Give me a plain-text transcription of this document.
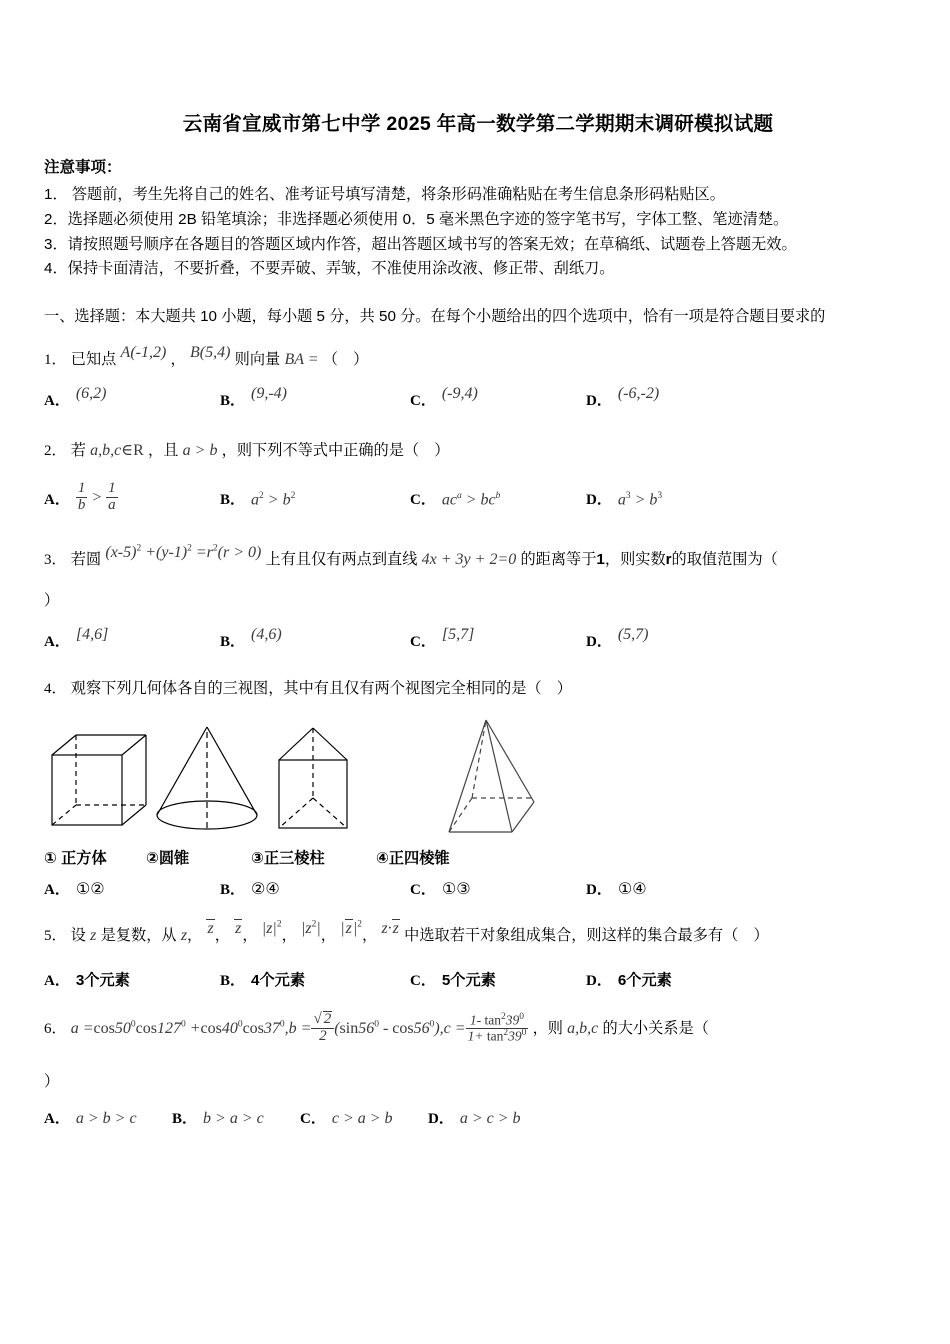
云南省宣威市第七中学 2025 年高一数学第二学期期末调研模拟试题
注意事项：
1． 答题前，考生先将自己的姓名、准考证号填写清楚，将条形码准确粘贴在考生信息条形码粘贴区。
2．选择题必须使用 2B 铅笔填涂；非选择题必须使用 0．5 毫米黑色字迹的签字笔书写，字体工整、笔迹清楚。
3．请按照题号顺序在各题目的答题区域内作答，超出答题区域书写的答案无效；在草稿纸、试题卷上答题无效。
4．保持卡面清洁，不要折叠，不要弄破、弄皱，不准使用涂改液、修正带、刮纸刀。
一、选择题：本大题共 10 小题，每小题 5 分，共 50 分。在每个小题给出的四个选项中，恰有一项是符合题目要求的
1． 已知点 A(-1,2) ， B(5,4) 则向量 BA = （　）
A． (6,2)	B． (9,-4)	C． (-9,4)	D． (-6,-2)
2． 若 a,b,c∈R ，且 a > b ，则下列不等式中正确的是（　）
A． $\frac{1}{b} > \frac{1}{a}$	B． $a^2 > b^2$	C． $ac^a > bc^b$	D． $a^3 > b^3$
3． 若圆 $(x-5)^2 +(y-1)^2 =r^2(r > 0)$ 上有且仅有两点到直线 4x + 3y + 2=0 的距离等于1，则实数r的取值范围为（
）
A． [4,6]	B． (4,6)	C． [5,7]	D． (5,7)
4． 观察下列几何体各自的三视图，其中有且仅有两个视图完全相同的是（　）
① 正方体	②圆锥	③正三棱柱	④正四棱锥
A． ①②	B． ②④	C． ①③	D． ①④
5． 设 z 是复数，从 z， z， z， $|z|^2$， $|z^2|$， $|z|^2$， z·z 中选取若干对象组成集合，则这样的集合最多有（　）
A． 3个元素	B． 4个元素	C． 5个元素	D． 6个元素
6． $a =\cos 50^0\cos 127^0 +\cos 40^0\cos 37^0,b = \frac{√ 2}{2} (\sin 56^0 - \cos 56^0),c = \frac{1- \tan^239^0}{1+ \tan^239^0}$ ，则 a,b,c 的大小关系是（
）
A． a > b > c B． b > a > c C． c > a > b D． a > c > b
